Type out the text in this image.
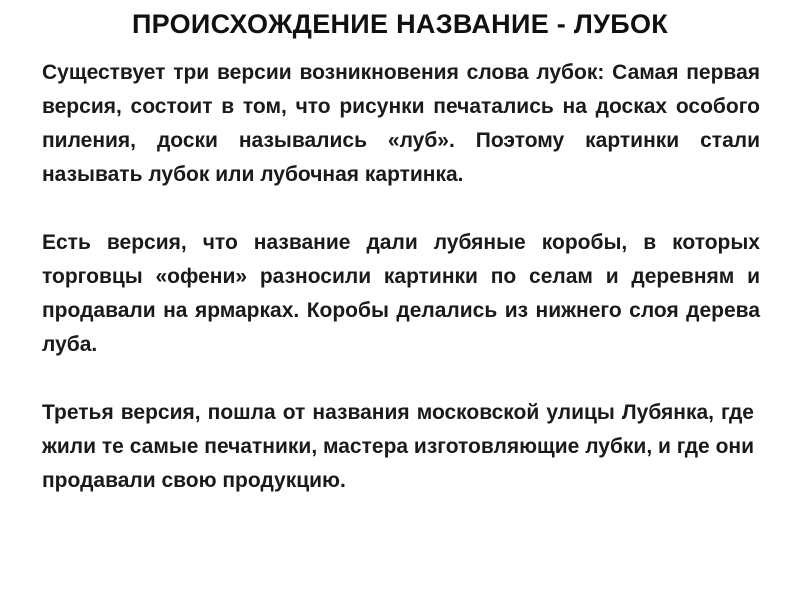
ПРОИСХОЖДЕНИЕ НАЗВАНИЕ - ЛУБОК

Существует три версии возникновения слова лубок: Самая первая версия, состоит в том, что рисунки печатались на досках особого пиления, доски назывались «луб». Поэтому картинки стали называть лубок или лубочная картинка.

Есть версия, что название дали лубяные коробы, в которых торговцы «офени» разносили картинки по селам и деревням и продавали на ярмарках. Коробы делались из нижнего слоя дерева луба.

Третья версия, пошла от названия московской улицы Лубянка, где жили те самые печатники, мастера изготовляющие лубки, и где они продавали свою продукцию.
